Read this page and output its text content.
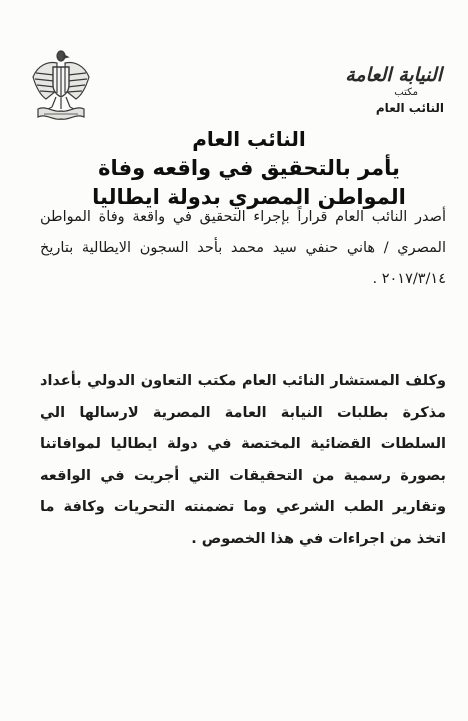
النيابة العامة
مكتب
النائب العام
النائب العام
يأمر بالتحقيق في واقعه وفاة
المواطن المصري بدولة ايطاليا

أصدر النائب العام قراراً بإجراء التحقيق في واقعة وفاة المواطن المصري / هاني حنفي سيد محمد بأحد السجون الايطالية بتاريخ ٢٠١٧/٣/١٤ .

وكلف المستشار النائب العام مكتب التعاون الدولي بأعداد مذكرة بطلبات النيابة العامة المصرية لارسالها الي السلطات القضائية المختصة في دولة ايطاليا لموافاتنا بصورة رسمية من التحقيقات التي أجريت في الواقعه وتقارير الطب الشرعي وما تضمنته التحريات وكافة ما اتخذ من اجراءات في هذا الخصوص .
